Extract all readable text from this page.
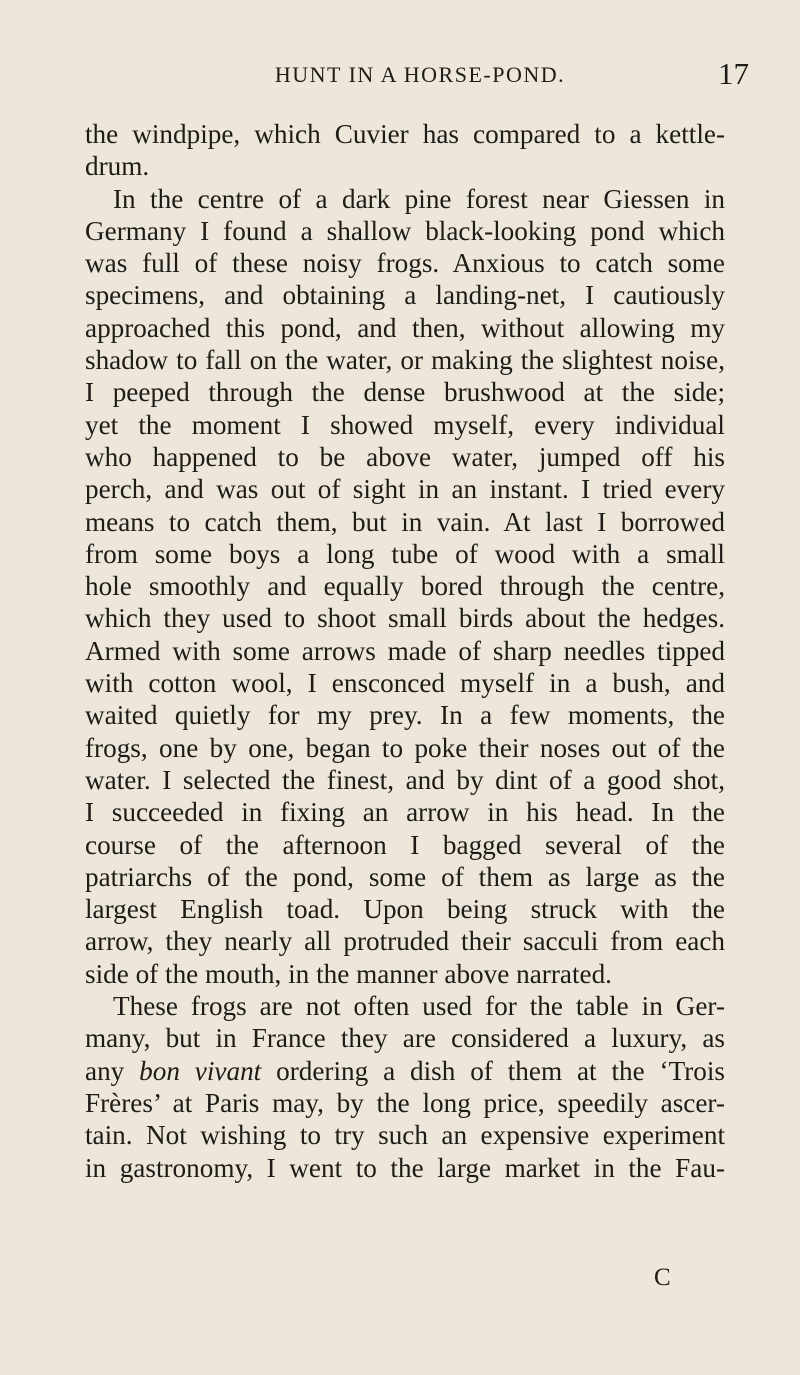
HUNT IN A HORSE-POND.	17
the windpipe, which Cuvier has compared to a kettle-
drum.
In the centre of a dark pine forest near Giessen in
Germany I found a shallow black-looking pond which
was full of these noisy frogs. Anxious to catch some
specimens, and obtaining a landing-net, I cautiously
approached this pond, and then, without allowing my
shadow to fall on the water, or making the slightest noise,
I peeped through the dense brushwood at the side;
yet the moment I showed myself, every individual
who happened to be above water, jumped off his
perch, and was out of sight in an instant. I tried every
means to catch them, but in vain. At last I borrowed
from some boys a long tube of wood with a small
hole smoothly and equally bored through the centre,
which they used to shoot small birds about the hedges.
Armed with some arrows made of sharp needles tipped
with cotton wool, I ensconced myself in a bush, and
waited quietly for my prey. In a few moments, the
frogs, one by one, began to poke their noses out of the
water. I selected the finest, and by dint of a good shot,
I succeeded in fixing an arrow in his head. In the
course of the afternoon I bagged several of the
patriarchs of the pond, some of them as large as the
largest English toad. Upon being struck with the
arrow, they nearly all protruded their sacculi from each
side of the mouth, in the manner above narrated.
These frogs are not often used for the table in Ger-
many, but in France they are considered a luxury, as
any bon vivant ordering a dish of them at the ‘Trois
Frères’ at Paris may, by the long price, speedily ascer-
tain. Not wishing to try such an expensive experiment
in gastronomy, I went to the large market in the Fau-
C
